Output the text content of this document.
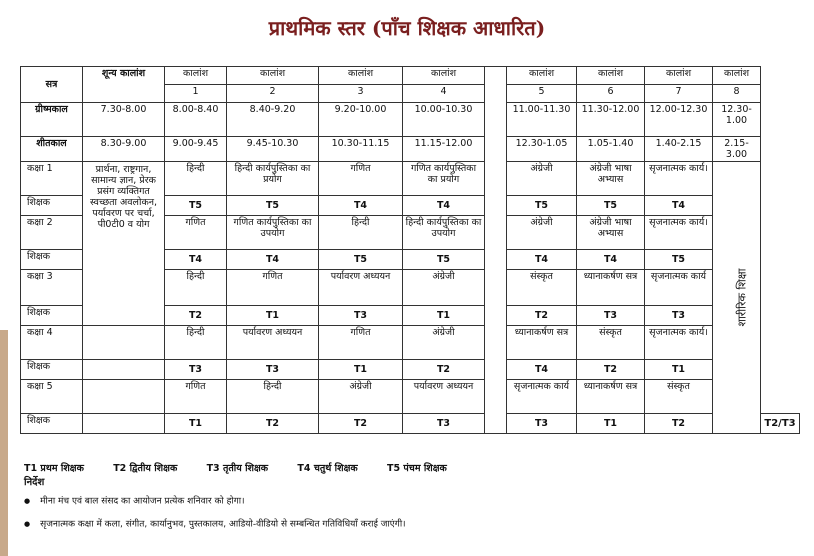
प्राथमिक स्तर (पाँच शिक्षक आधारित)
सत्र	शून्य कालांश	कालांश	कालांश	कालांश	कालांश		कालांश	कालांश	कालांश	कालांश	
		1	2	3	4		5	6	7	8	
ग्रीष्मकाल	7.30-8.00	8.00-8.40	8.40-9.20	9.20-10.00	10.00-10.30		11.00-11.30	11.30-12.00	12.00-12.30	12.30-1.00	
शीतकाल	8.30-9.00	9.00-9.45	9.45-10.30	10.30-11.15	11.15-12.00		12.30-1.05	1.05-1.40	1.40-2.15	2.15-3.00	
कक्षा 1	प्रार्थना, राष्ट्रगान, सामान्य ज्ञान, प्रेरक प्रसंग व्यक्तिगत स्वच्छता अवलोकन, पर्यावरण पर चर्चा, पी0टी0 व योग	हिन्दी	हिन्दी कार्यपुस्तिका का प्रयोग	गणित	गणित कार्यपुस्तिका का प्रयोग		अंग्रेजी	अंग्रेजी भाषा अभ्यास	सृजनात्मक कार्य।	शारीरिक शिक्षा	
शिक्षक		T5	T5	T4	T4		T5	T5	T4		
कक्षा 2		गणित	गणित कार्यपुस्तिका का उपयोग	हिन्दी	हिन्दी कार्यपुस्तिका का उपयोग		अंग्रेजी	अंग्रेजी भाषा अभ्यास	सृजनात्मक कार्य।		
शिक्षक		T4	T4	T5	T5		T4	T4	T5		
कक्षा 3		हिन्दी	गणित	पर्यावरण अध्ययन	अंग्रेजी		संस्कृत	ध्यानाकर्षण सत्र	सृजनात्मक कार्य		
शिक्षक		T2	T1	T3	T1		T2	T3	T3		
कक्षा 4		हिन्दी	पर्यावरण अध्ययन	गणित	अंग्रेजी		ध्यानाकर्षण सत्र	संस्कृत	सृजनात्मक कार्य।		
शिक्षक		T3	T3	T1	T2		T4	T2	T1		
कक्षा 5		गणित	हिन्दी	अंग्रेजी	पर्यावरण अध्ययन		सृजनात्मक कार्य	ध्यानाकर्षण सत्र	संस्कृत		
शिक्षक		T1	T2	T2	T3		T3	T1	T2		T2/T3
T1 प्रथम शिक्षक	T2 द्वितीय शिक्षक	T3 तृतीय शिक्षक	T4 चतुर्थ शिक्षक	T5 पंचम शिक्षक
निर्देश
● मीना मंच एवं बाल संसद का आयोजन प्रत्येक शनिवार को होगा।
● सृजनात्मक कक्षा में कला, संगीत, कार्यानुभव, पुस्तकालय, आडियो-वीडियो से सम्बन्धित गतिविधियाँ कराई जाएंगी।
